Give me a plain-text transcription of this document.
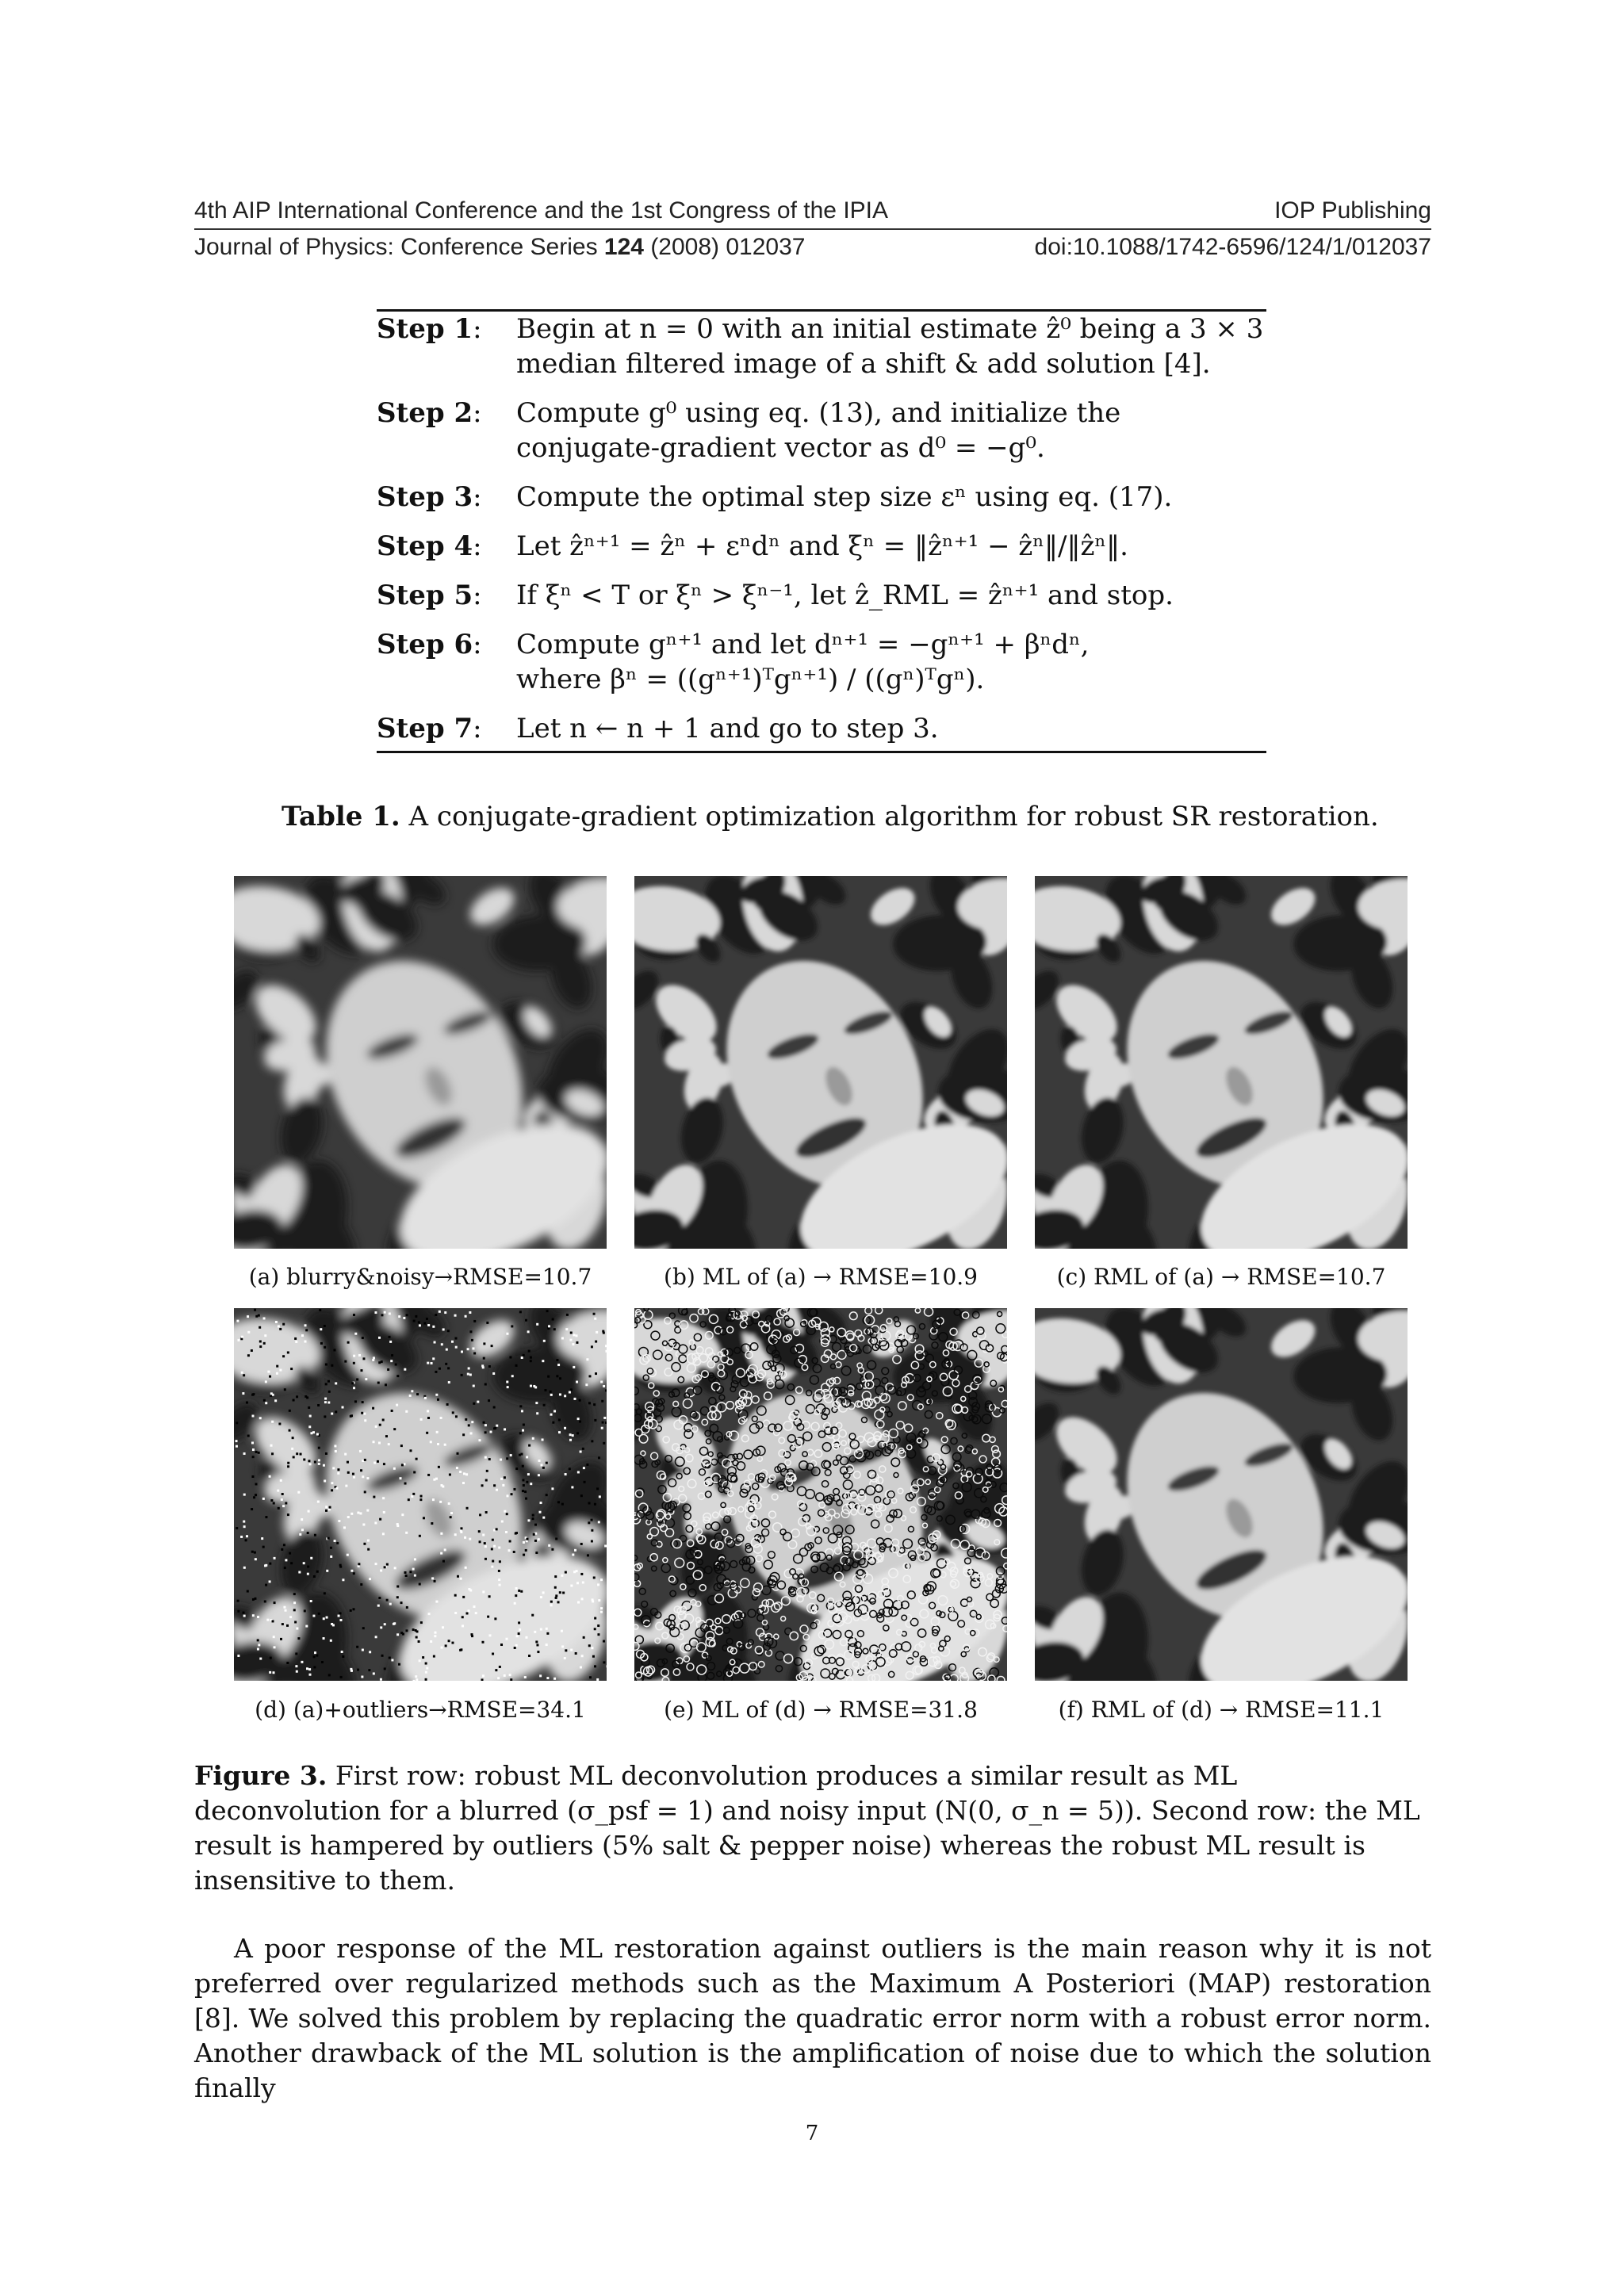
4th AIP International Conference and the 1st Congress of the IPIA	IOP Publishing
Journal of Physics: Conference Series 124 (2008) 012037	doi:10.1088/1742-6596/124/1/012037
Step 1:	Begin at n = 0 with an initial estimate ẑ⁰ being a 3 × 3
median filtered image of a shift & add solution [4].
Step 2:	Compute g⁰ using eq. (13), and initialize the
conjugate-gradient vector as d⁰ = −g⁰.
Step 3:	Compute the optimal step size εⁿ using eq. (17).
Step 4:	Let ẑⁿ⁺¹ = ẑⁿ + εⁿdⁿ and ξⁿ = ‖ẑⁿ⁺¹ − ẑⁿ‖/‖ẑⁿ‖.
Step 5:	If ξⁿ < T or ξⁿ > ξⁿ⁻¹, let ẑ_RML = ẑⁿ⁺¹ and stop.
Step 6:	Compute gⁿ⁺¹ and let dⁿ⁺¹ = −gⁿ⁺¹ + βⁿdⁿ,
where βⁿ = ((gⁿ⁺¹)ᵀgⁿ⁺¹) / ((gⁿ)ᵀgⁿ).
Step 7:	Let n ← n + 1 and go to step 3.
Table 1. A conjugate-gradient optimization algorithm for robust SR restoration.
(a) blurry&noisy→RMSE=10.7	(b) ML of (a) → RMSE=10.9	(c) RML of (a) → RMSE=10.7
(d) (a)+outliers→RMSE=34.1	(e) ML of (d) → RMSE=31.8	(f) RML of (d) → RMSE=11.1
Figure 3. First row: robust ML deconvolution produces a similar result as ML deconvolution for a blurred (σ_psf = 1) and noisy input (N(0, σ_n = 5)). Second row: the ML result is hampered by outliers (5% salt & pepper noise) whereas the robust ML result is insensitive to them.
A poor response of the ML restoration against outliers is the main reason why it is not preferred over regularized methods such as the Maximum A Posteriori (MAP) restoration [8]. We solved this problem by replacing the quadratic error norm with a robust error norm. Another drawback of the ML solution is the amplification of noise due to which the solution finally
7
